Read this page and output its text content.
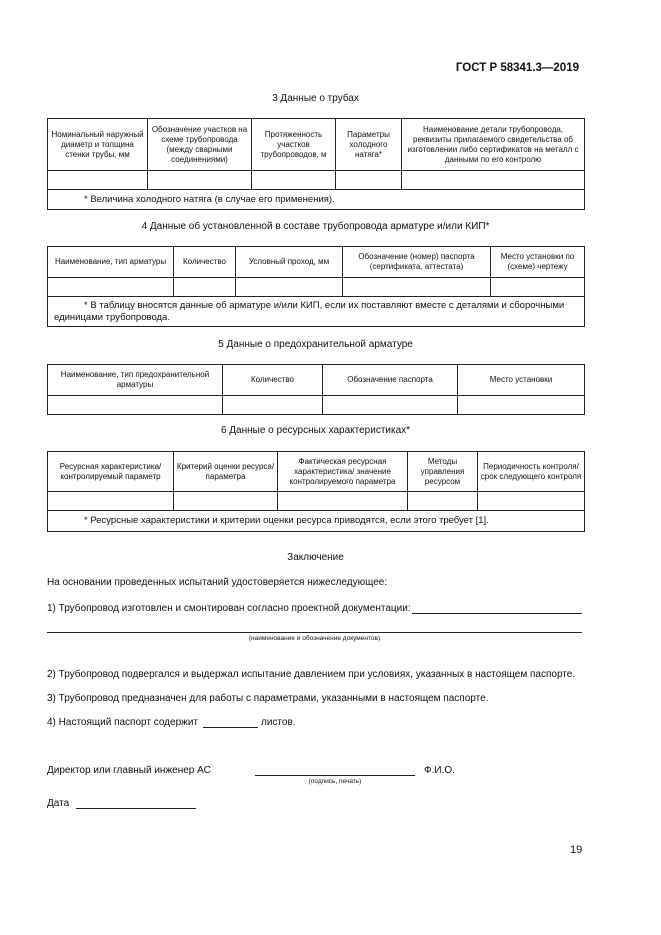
ГОСТ Р 58341.3—2019
3 Данные о трубах
Номинальный наружный диаметр и толщина стенки трубы, мм	Обозначение участков на схеме трубопровода (между сварными соединениями)	Протяженность участков трубопроводов, м	Параметры холодного натяга*	Наименование детали трубопровода, реквизиты прилагаемого свидетельства об изготовлении либо сертификатов на металл с данными по его контролю

* Величина холодного натяга (в случае его применения).				
4 Данные об установленной в составе трубопровода арматуре и/или КИП*
Наименование, тип арматуры	Количество	Условный проход, мм	Обозначение (номер) паспорта (сертификата, аттестата)	Место установки по (схеме) чертежу

* В таблицу вносятся данные об арматуре и/или КИП, если их поставляют вместе с деталями и сборочными единицами трубопровода.				
5 Данные о предохранительной арматуре
Наименование, тип предохранительной арматуры	Количество	Обозначение паспорта	Место установки

6 Данные о ресурсных характеристиках*
Ресурсная характеристика/ контролируемый параметр	Критерий оценки ресурса/параметра	Фактическая ресурсная характеристика/ значение контролируемого параметра	Методы управления ресурсом	Периодичность контроля/срок следующего контроля

* Ресурсные характеристики и критерии оценки ресурса приводятся, если этого требует [1].				
Заключение
На основании проведенных испытаний удостоверяется нижеследующее:
1) Трубопровод изготовлен и смонтирован согласно проектной документации:
(наименование и обозначение документов)
2) Трубопровод подвергался и выдержал испытание давлением при условиях, указанных в настоящем паспорте.
3) Трубопровод предназначен для работы с параметрами, указанными в настоящем паспорте.
4) Настоящий паспорт содержит	листов.
Директор или главный инженер АС
(подпись, печать)
Ф.И.О.
Дата
19
